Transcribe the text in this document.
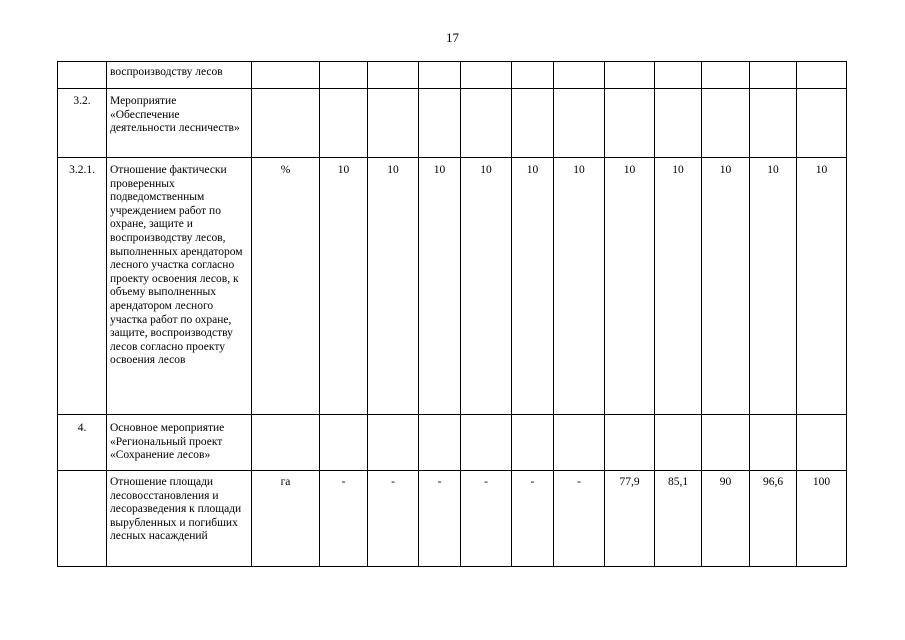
17
	воспроизводству лесов												
3.2.	Мероприятие «Обеспечение деятельности лесничеств»												
3.2.1.	Отношение фактически проверенных подведомственным учреждением работ по охране, защите и воспроизводству лесов, выполненных арендатором лесного участка согласно проекту освоения лесов, к объему выполненных арендатором лесного участка работ по охране, защите, воспроизводству лесов согласно проекту освоения лесов	%	10	10	10	10	10	10	10	10	10	10	10
4.	Основное мероприятие «Региональный проект «Сохранение лесов»												
	Отношение площади лесовосстановления и лесоразведения к площади вырубленных и погибших лесных насаждений	га	-	-	-	-	-	-	77,9	85,1	90	96,6	100
